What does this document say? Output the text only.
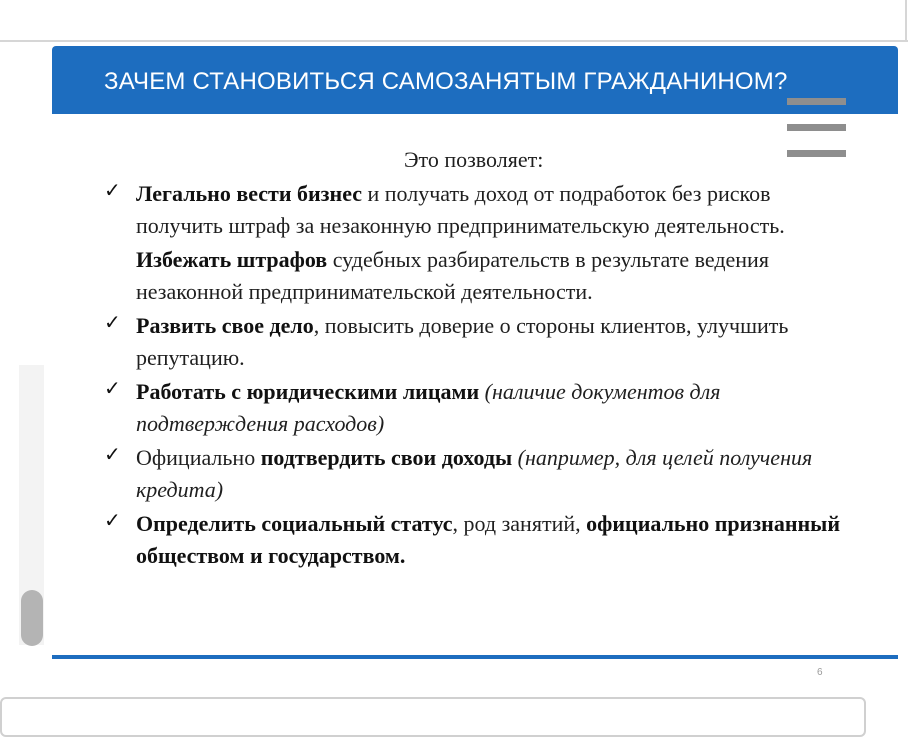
ЗАЧЕМ СТАНОВИТЬСЯ САМОЗАНЯТЫМ ГРАЖДАНИНОМ?
Это позволяет:
✓ Легально вести бизнес и получать доход от подработок без рисков получить штраф за незаконную предпринимательскую деятельность.
Избежать штрафов судебных разбирательств в результате ведения незаконной предпринимательской деятельности.
✓ Развить свое дело, повысить доверие о стороны клиентов, улучшить репутацию.
✓ Работать с юридическими лицами (наличие документов для подтверждения расходов)
✓ Официально подтвердить свои доходы (например, для целей получения кредита)
✓ Определить социальный статус, род занятий, официально признанный обществом и государством.
6
